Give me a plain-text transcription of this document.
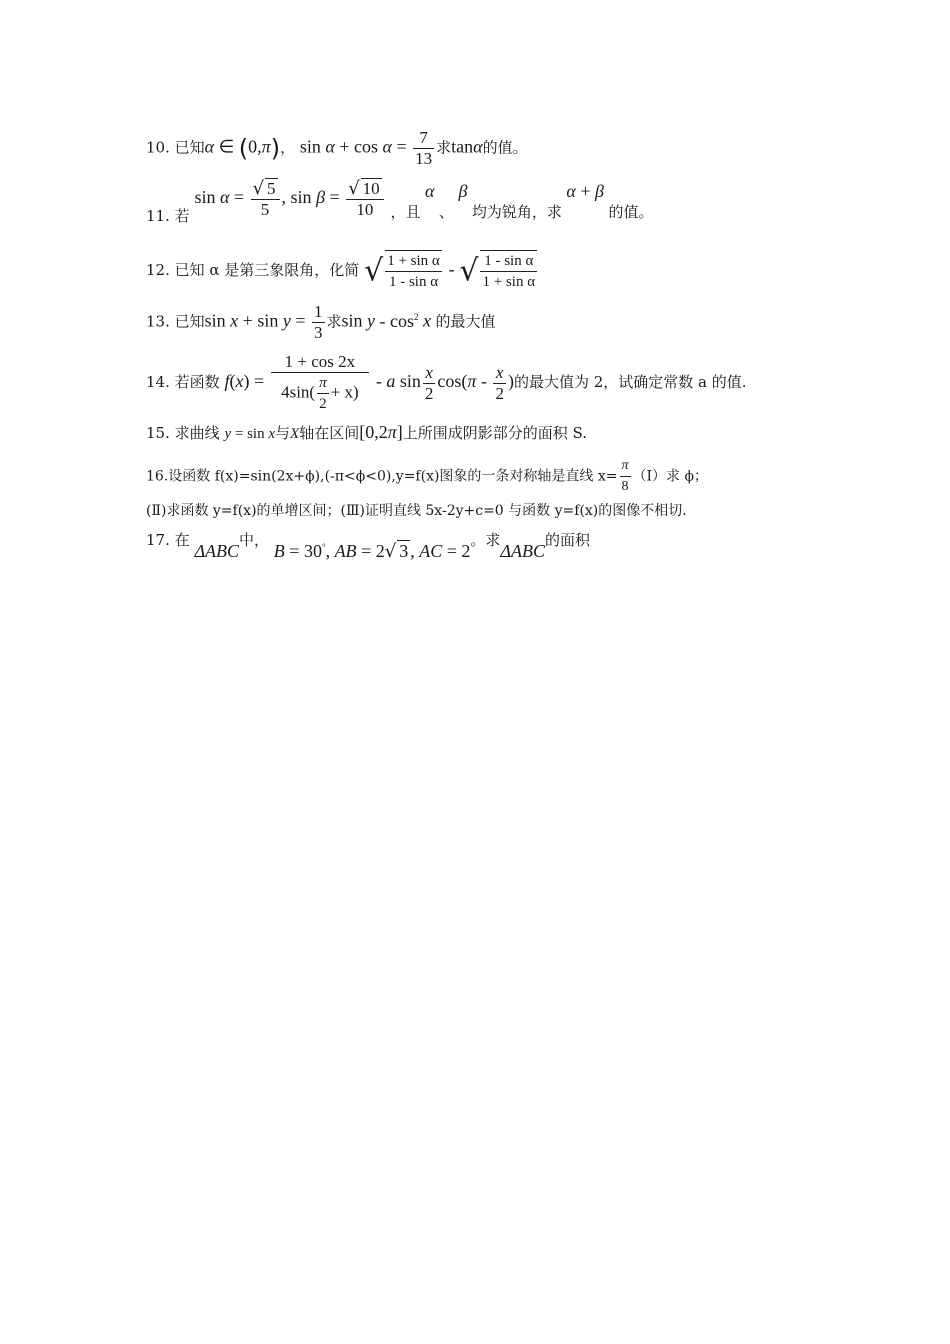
10. 已知α ∈ (0,π)， $\sin \alpha + \cos \alpha = \frac{7}{13}$ 求tanα的值。
11. 若 $\sin \alpha = \frac{√ 5}{5}$ , $\sin \beta = \frac{√ 10}{10}$ ，且 α 、 β 均为锐角，求 α + β 的值。
12. 已知 α 是第三象限角，化简 √ $\frac{\text{1 + sin α}}{\text{1 - sin α}}$ - √ $\frac{\text{1 - sin α}}{\text{1 + sin α}}$
13. 已知$\sin x + \sin y = \frac{1}{3}$ 求sin y - $\cos^2 x$ 的最大值
14. 若函数 $f(x) = \frac{1 + \cos 2x}{4\sin( \frac{\pi}{2} + x)} - a$ $\sin \frac{x}{2} \cos(\pi - \frac{x}{2}$ )的最大值为 2，试确定常数 a 的值.
15. 求曲线 y = sin x与X轴在区间[0,2π]上所围成阴影部分的面积 S.
16.设函数 f(x)=sin(2x+ϕ),(-π<ϕ<0),y=f(x)图象的一条对称轴是直线 $x= \frac{\pi}{8}$ （Ⅰ）求 ϕ；
(Ⅱ)求函数 y=f(x)的单增区间；(Ⅲ)证明直线 5x-2y+c=0 与函数 y=f(x)的图像不相切.
17. 在 ΔABC中， B = 30°, AB = 2√ 3 , AC = 2。求ΔABC的面积
